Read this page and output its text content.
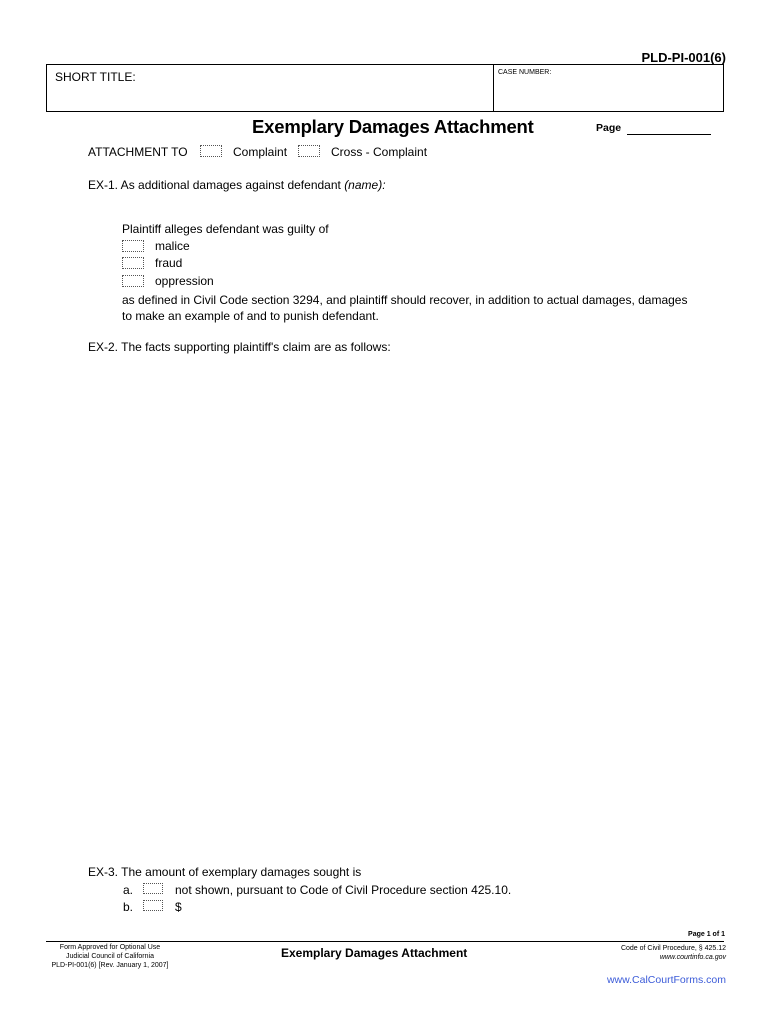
PLD-PI-001(6)
SHORT TITLE:	CASE NUMBER:
Exemplary Damages Attachment	Page
ATTACHMENT TO	Complaint	Cross - Complaint
EX-1. As additional damages against defendant (name):
Plaintiff alleges defendant was guilty of
malice
fraud
oppression
as defined in Civil Code section 3294, and plaintiff should recover, in addition to actual damages, damages
to make an example of and to punish defendant.
EX-2. The facts supporting plaintiff's claim are as follows:
EX-3. The amount of exemplary damages sought is
a.	not shown, pursuant to Code of Civil Procedure section 425.10.
b.	$
Page 1 of 1
Form Approved for Optional Use
Judicial Council of California
PLD-PI-001(6) [Rev. January 1, 2007]
Exemplary Damages Attachment	Code of Civil Procedure, § 425.12
www.courtinfo.ca.gov
www.CalCourtForms.com
